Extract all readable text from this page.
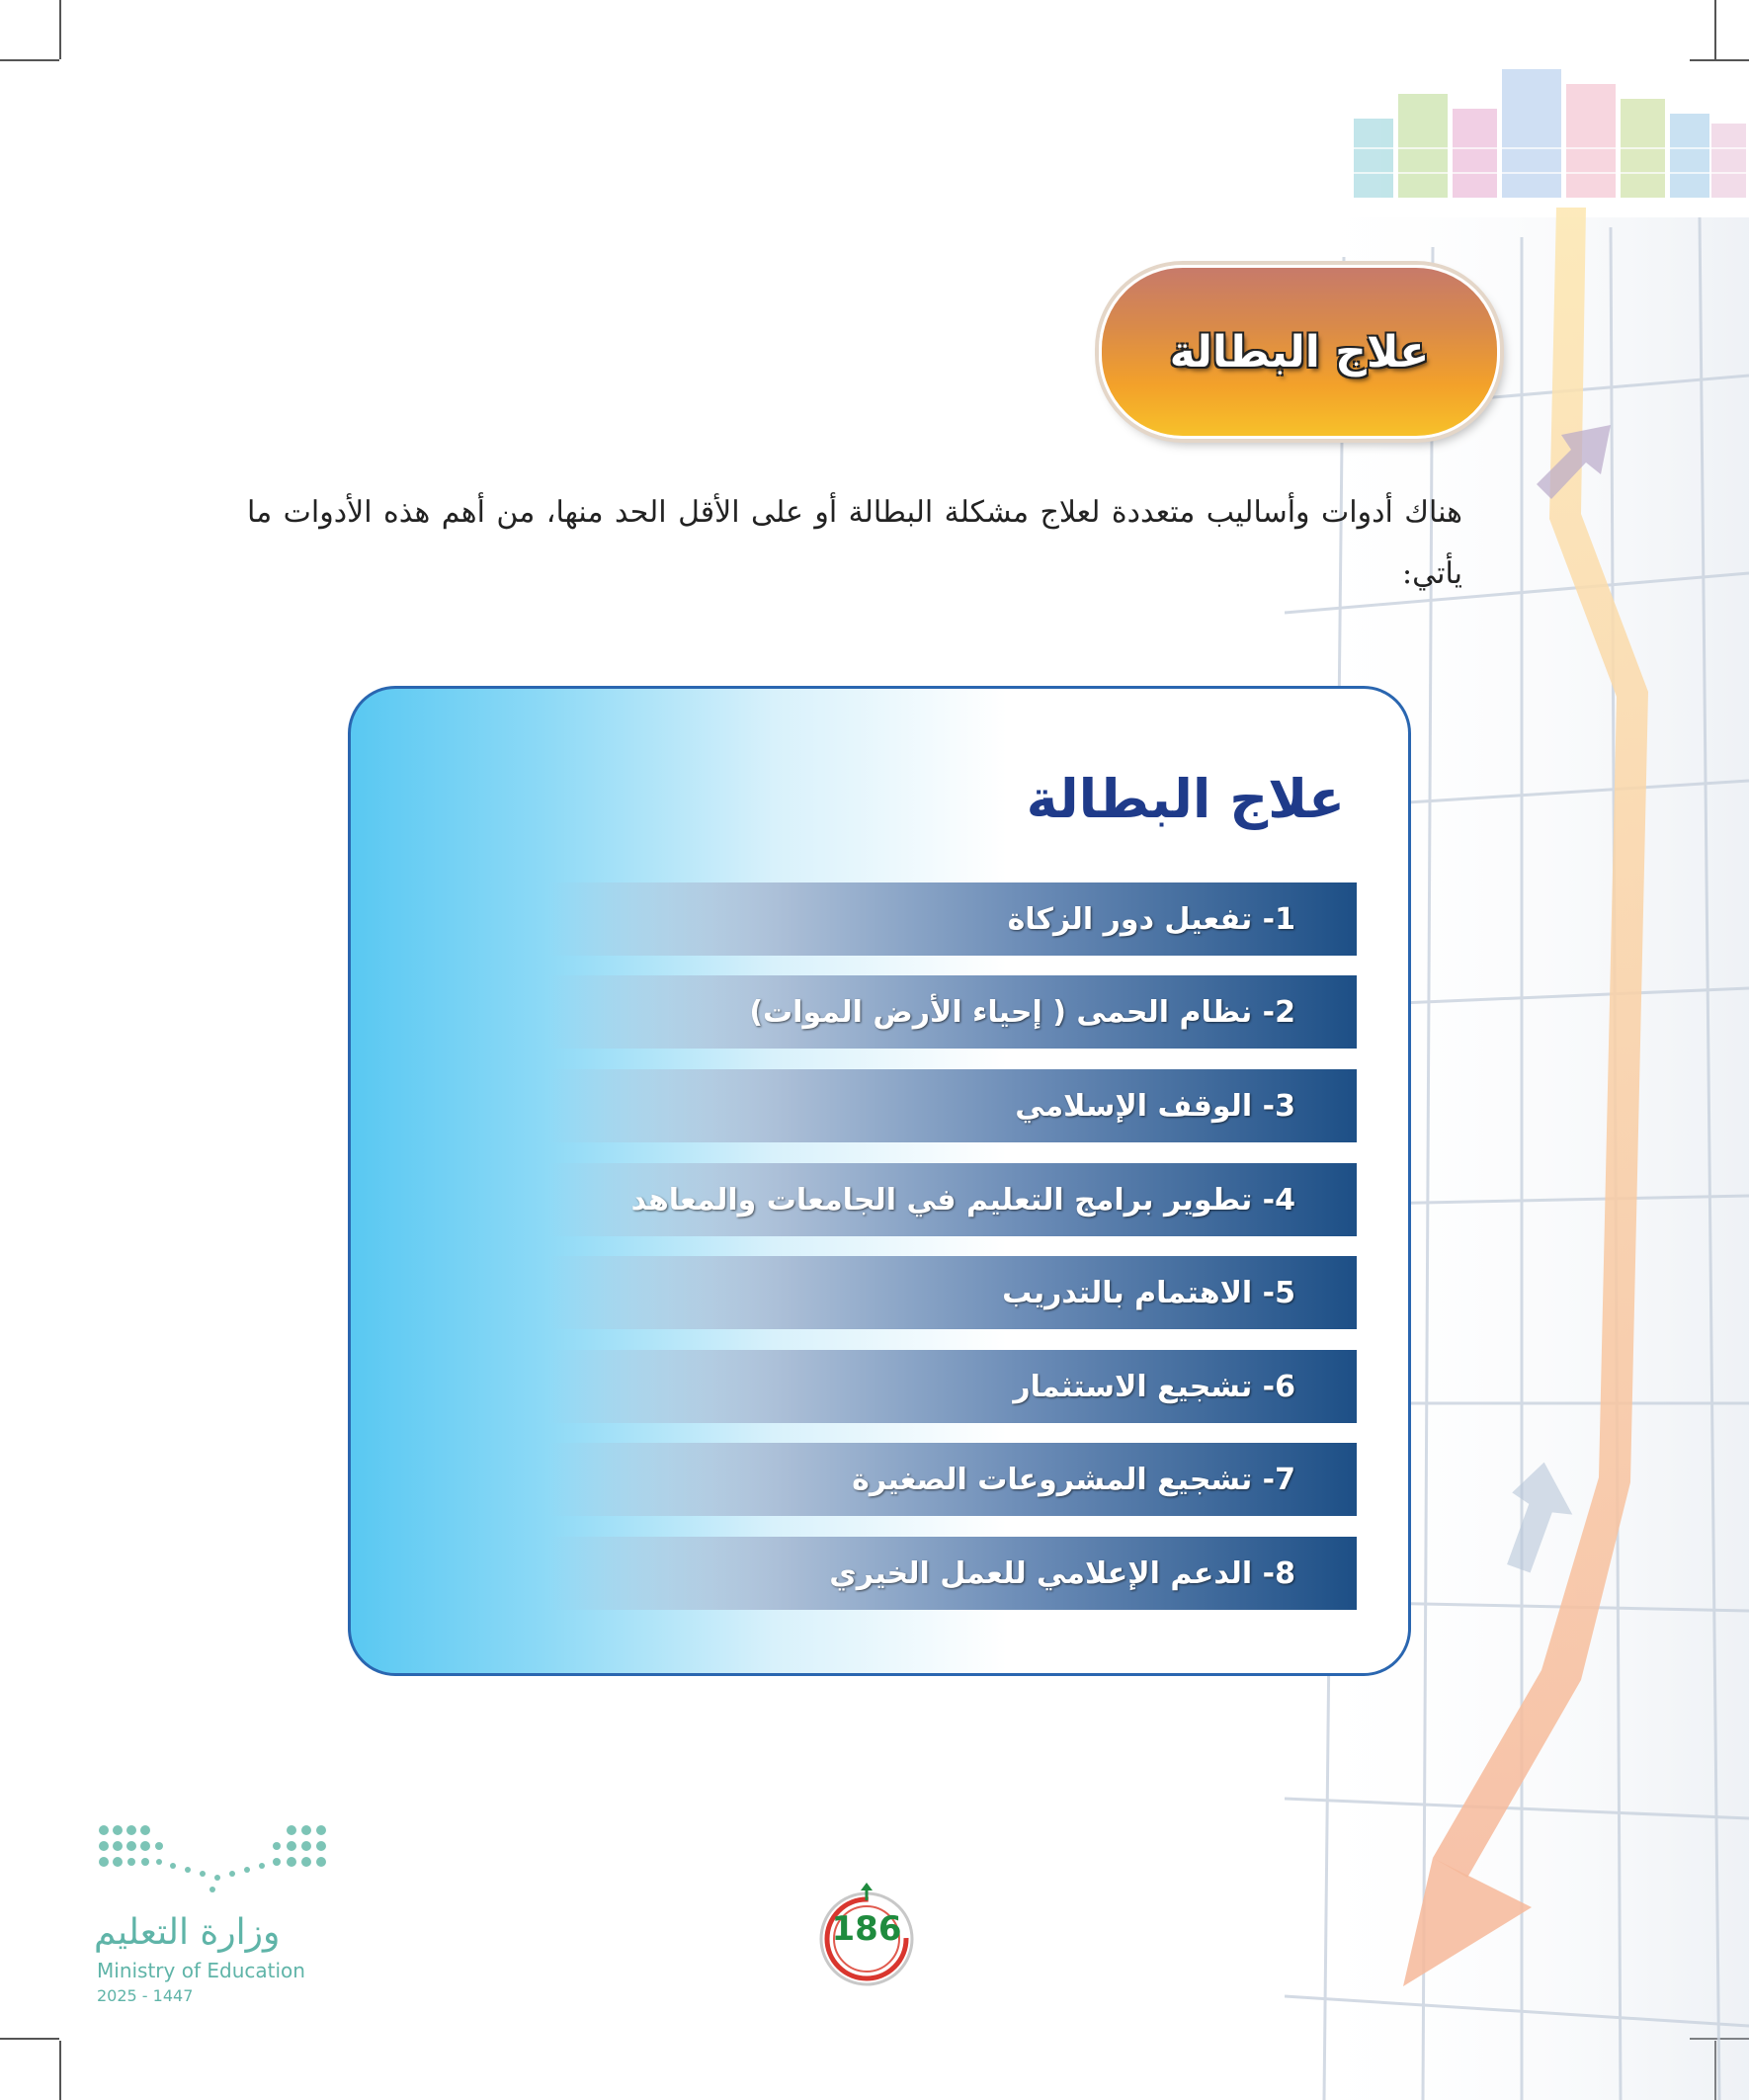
علاج البطالة
هناك أدوات وأساليب متعددة لعلاج مشكلة البطالة أو على الأقل الحد منها، من أهم هذه الأدوات ما يأتي:
علاج البطالة
1- تفعيل دور الزكاة
2- نظام الحمى ( إحياء الأرض الموات)
3- الوقف الإسلامي
4- تطوير برامج التعليم في الجامعات والمعاهد
5- الاهتمام بالتدريب
6- تشجيع الاستثمار
7- تشجيع المشروعات الصغيرة
8- الدعم الإعلامي للعمل الخيري
وزارة التعليم
Ministry of Education
2025 - 1447
186
